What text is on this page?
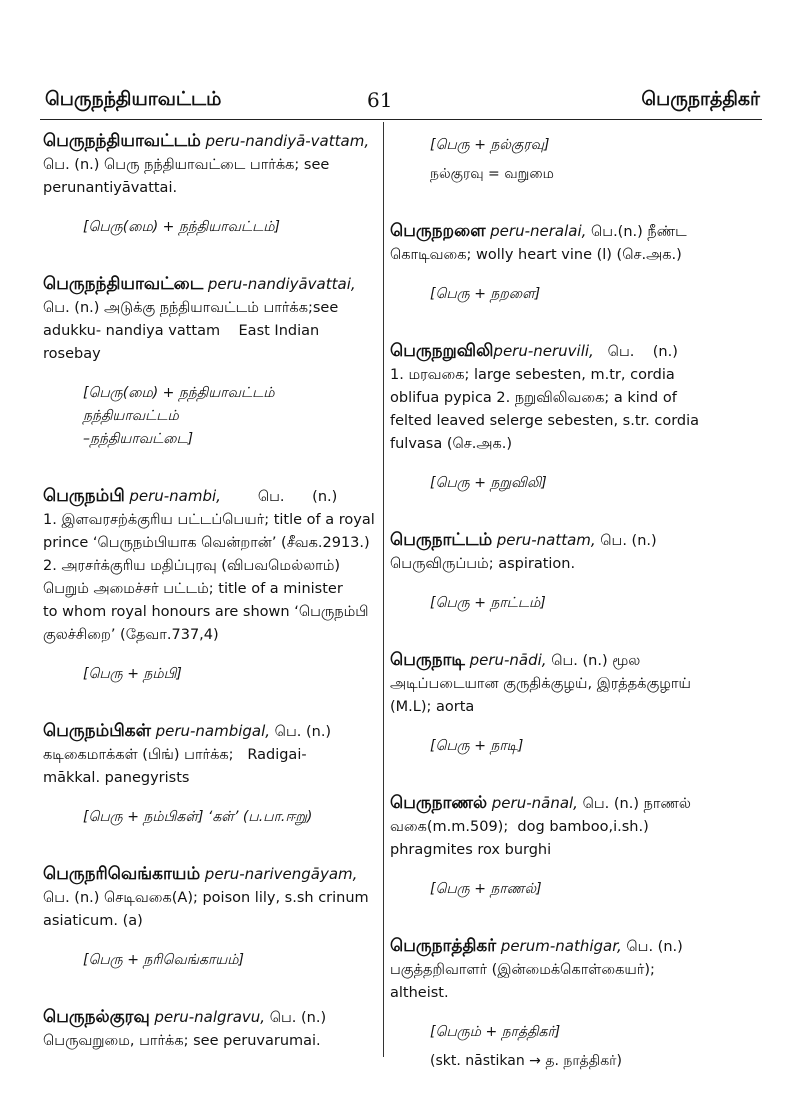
பெருநந்தியாவட்டம்	61	பெருநாத்திகர்
பெருநந்தியாவட்டம் peru-nandiyā-vattam,
பெ. (n.) பெரு நந்தியாவட்டை பார்க்க; see
perunantiyāvattai.
[பெரு(மை) + நந்தியாவட்டம்]
பெருநந்தியாவட்டை peru-nandiyāvattai,
பெ. (n.) அடுக்கு நந்தியாவட்டம் பார்க்க;see
adukku- nandiya vattam    East Indian
rosebay
[பெரு(மை) + நந்தியாவட்டம் நந்தியாவட்டம்
–நந்தியாவட்டை]
பெருநம்பி peru-nambi,	பெ.      (n.)
1. இளவரசற்க்குரிய பட்டப்பெயர்; title of a royal
prince ‘பெருநம்பியாக வென்றான்’ (சீவக.2913.)
2. அரசர்க்குரிய மதிப்புரவு (விபவமெல்லாம்)
பெறும் அமைச்சர் பட்டம்; title of a minister
to whom royal honours are shown ‘பெருநம்பி
குலச்சிறை’ (தேவா.737,4)
[பெரு + நம்பி]
பெருநம்பிகள் peru-nambigal, பெ. (n.)
கடிகைமாக்கள் (பிங்) பார்க்க;   Radigai-
mākkal. panegyrists
[பெரு + நம்பிகள்] ‘கள்’ (ப.பா.ஈறு)
பெருநரிவெங்காயம் peru-narivengāyam,
பெ. (n.) செடிவகை(A); poison lily, s.sh crinum
asiaticum. (a)
[பெரு + நரிவெங்காயம்]
பெருநல்குரவு peru-nalgravu, பெ. (n.)
பெருவறுமை, பார்க்க; see peruvarumai.
[பெரு + நல்குரவு]
நல்குரவு = வறுமை
பெருநறளை peru-neralai, பெ.(n.) நீண்ட
கொடிவகை; wolly heart vine (l) (செ.அக.)
[பெரு + நறளை]
பெருநறுவிலிperu-neruvili, பெ.    (n.)
1. மரவகை; large sebesten, m.tr, cordia
oblifua pypica 2. நறுவிலிவகை; a kind of
felted leaved selerge sebesten, s.tr. cordia
fulvasa (செ.அக.)
[பெரு + நறுவிலி]
பெருநாட்டம் peru-nattam, பெ. (n.)
பெருவிருப்பம்; aspiration.
[பெரு + நாட்டம்]
பெருநாடி peru-nādi, பெ. (n.) மூல
அடிப்படையான குருதிக்குழய், இரத்தக்குழாய்
(M.L); aorta
[பெரு + நாடி]
பெருநாணல் peru-nānal, பெ. (n.) நாணல்
வகை(m.m.509);  dog bamboo,i.sh.)
phragmites rox burghi
[பெரு + நாணல்]
பெருநாத்திகர் perum-nathigar, பெ. (n.)
பகுத்தறிவாளர் (இன்மைக்கொள்கையர்);
altheist.
[பெரும் + நாத்திகர்]
(skt. nāstikan → த. நாத்திகர்)
